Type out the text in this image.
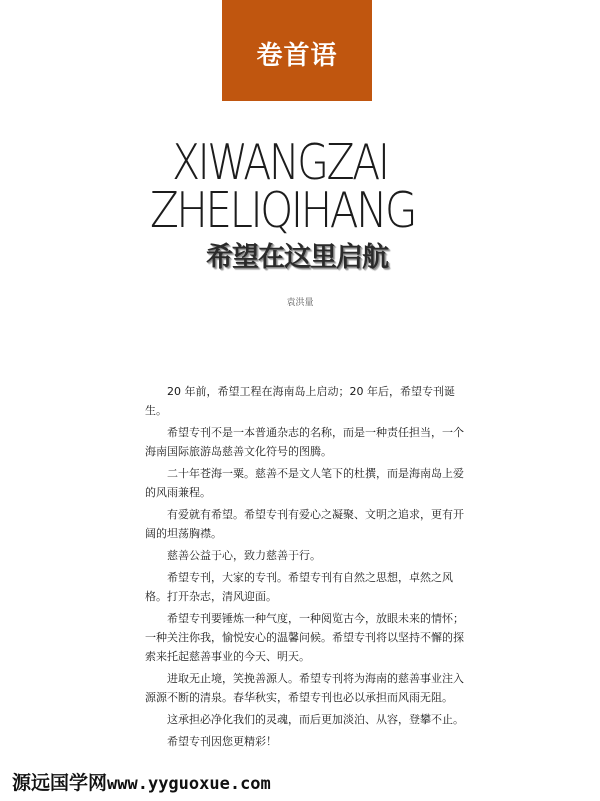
卷首语
XIWANGZAI
ZHELIQIHANG
希望在这里启航
袁洪量

20 年前，希望工程在海南岛上启动；20 年后，希望专刊诞生。

希望专刊不是一本普通杂志的名称，而是一种责任担当，一个海南国际旅游岛慈善文化符号的图腾。

二十年苍海一粟。慈善不是文人笔下的杜撰，而是海南岛上爱的风雨兼程。

有爱就有希望。希望专刊有爱心之凝聚、文明之追求，更有开阔的坦荡胸襟。

慈善公益于心，致力慈善于行。

希望专刊，大家的专刊。希望专刊有自然之思想，卓然之风格。打开杂志，清风迎面。

希望专刊要锤炼一种气度，一种阅览古今，放眼未来的情怀；一种关注你我，愉悦安心的温馨问候。希望专刊将以坚持不懈的探索来托起慈善事业的今天、明天。

进取无止境，笑挽善源人。希望专刊将为海南的慈善事业注入源源不断的清泉。春华秋实，希望专刊也必以承担而风雨无阻。

这承担必净化我们的灵魂，而后更加淡泊、从容，登攀不止。

希望专刊因您更精彩！

源远国学网www.yyguoxue.com
